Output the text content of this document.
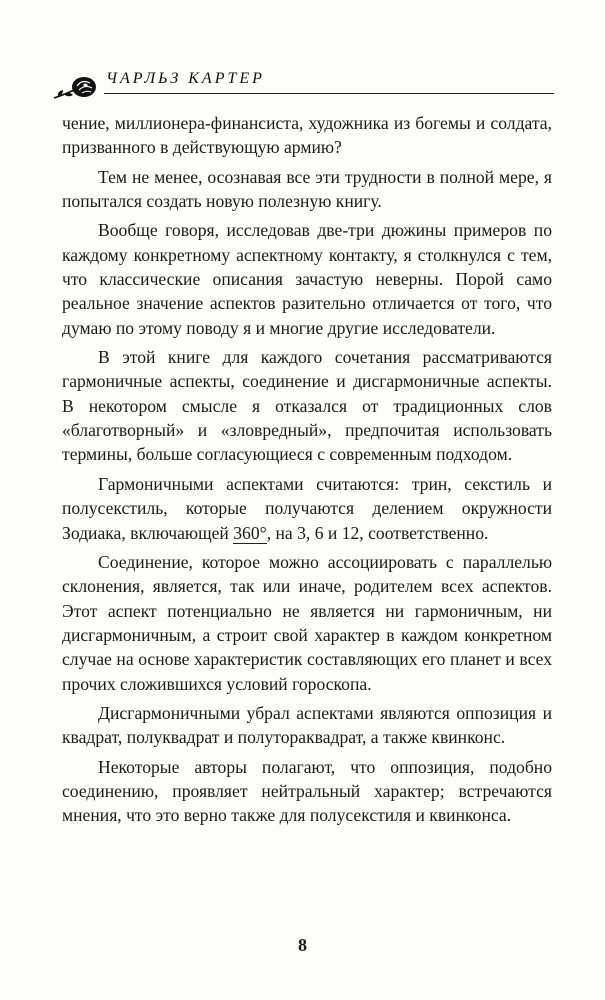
ЧАРЛЬЗ КАРТЕР

чение, миллионера-финансиста, художника из богемы и солдата, призванного в действующую армию?

Тем не менее, осознавая все эти трудности в полной мере, я попытался создать новую полезную книгу.

Вообще говоря, исследовав две-три дюжины примеров по каждому конкретному аспектному контакту, я столкнулся с тем, что классические описания зачастую неверны. Порой само реальное значение аспектов разительно отличается от того, что думаю по этому поводу я и многие другие исследователи.

В этой книге для каждого сочетания рассматриваются гармоничные аспекты, соединение и дисгармоничные аспекты. В некотором смысле я отказался от традиционных слов «благотворный» и «зловредный», предпочитая использовать термины, больше согласующиеся с современным подходом.

Гармоничными аспектами считаются: трин, секстиль и полусекстиль, которые получаются делением окружности Зодиака, включающей 360°, на 3, 6 и 12, соответственно.

Соединение, которое можно ассоциировать с параллелью склонения, является, так или иначе, родителем всех аспектов. Этот аспект потенциально не является ни гармоничным, ни дисгармоничным, а строит свой характер в каждом конкретном случае на основе характеристик составляющих его планет и всех прочих сложившихся условий гороскопа.

Дисгармоничными убрал аспектами являются оппозиция и квадрат, полуквадрат и полутораквадрат, а также квинконс.

Некоторые авторы полагают, что оппозиция, подобно соединению, проявляет нейтральный характер; встречаются мнения, что это верно также для полусекстиля и квинконса.

8
